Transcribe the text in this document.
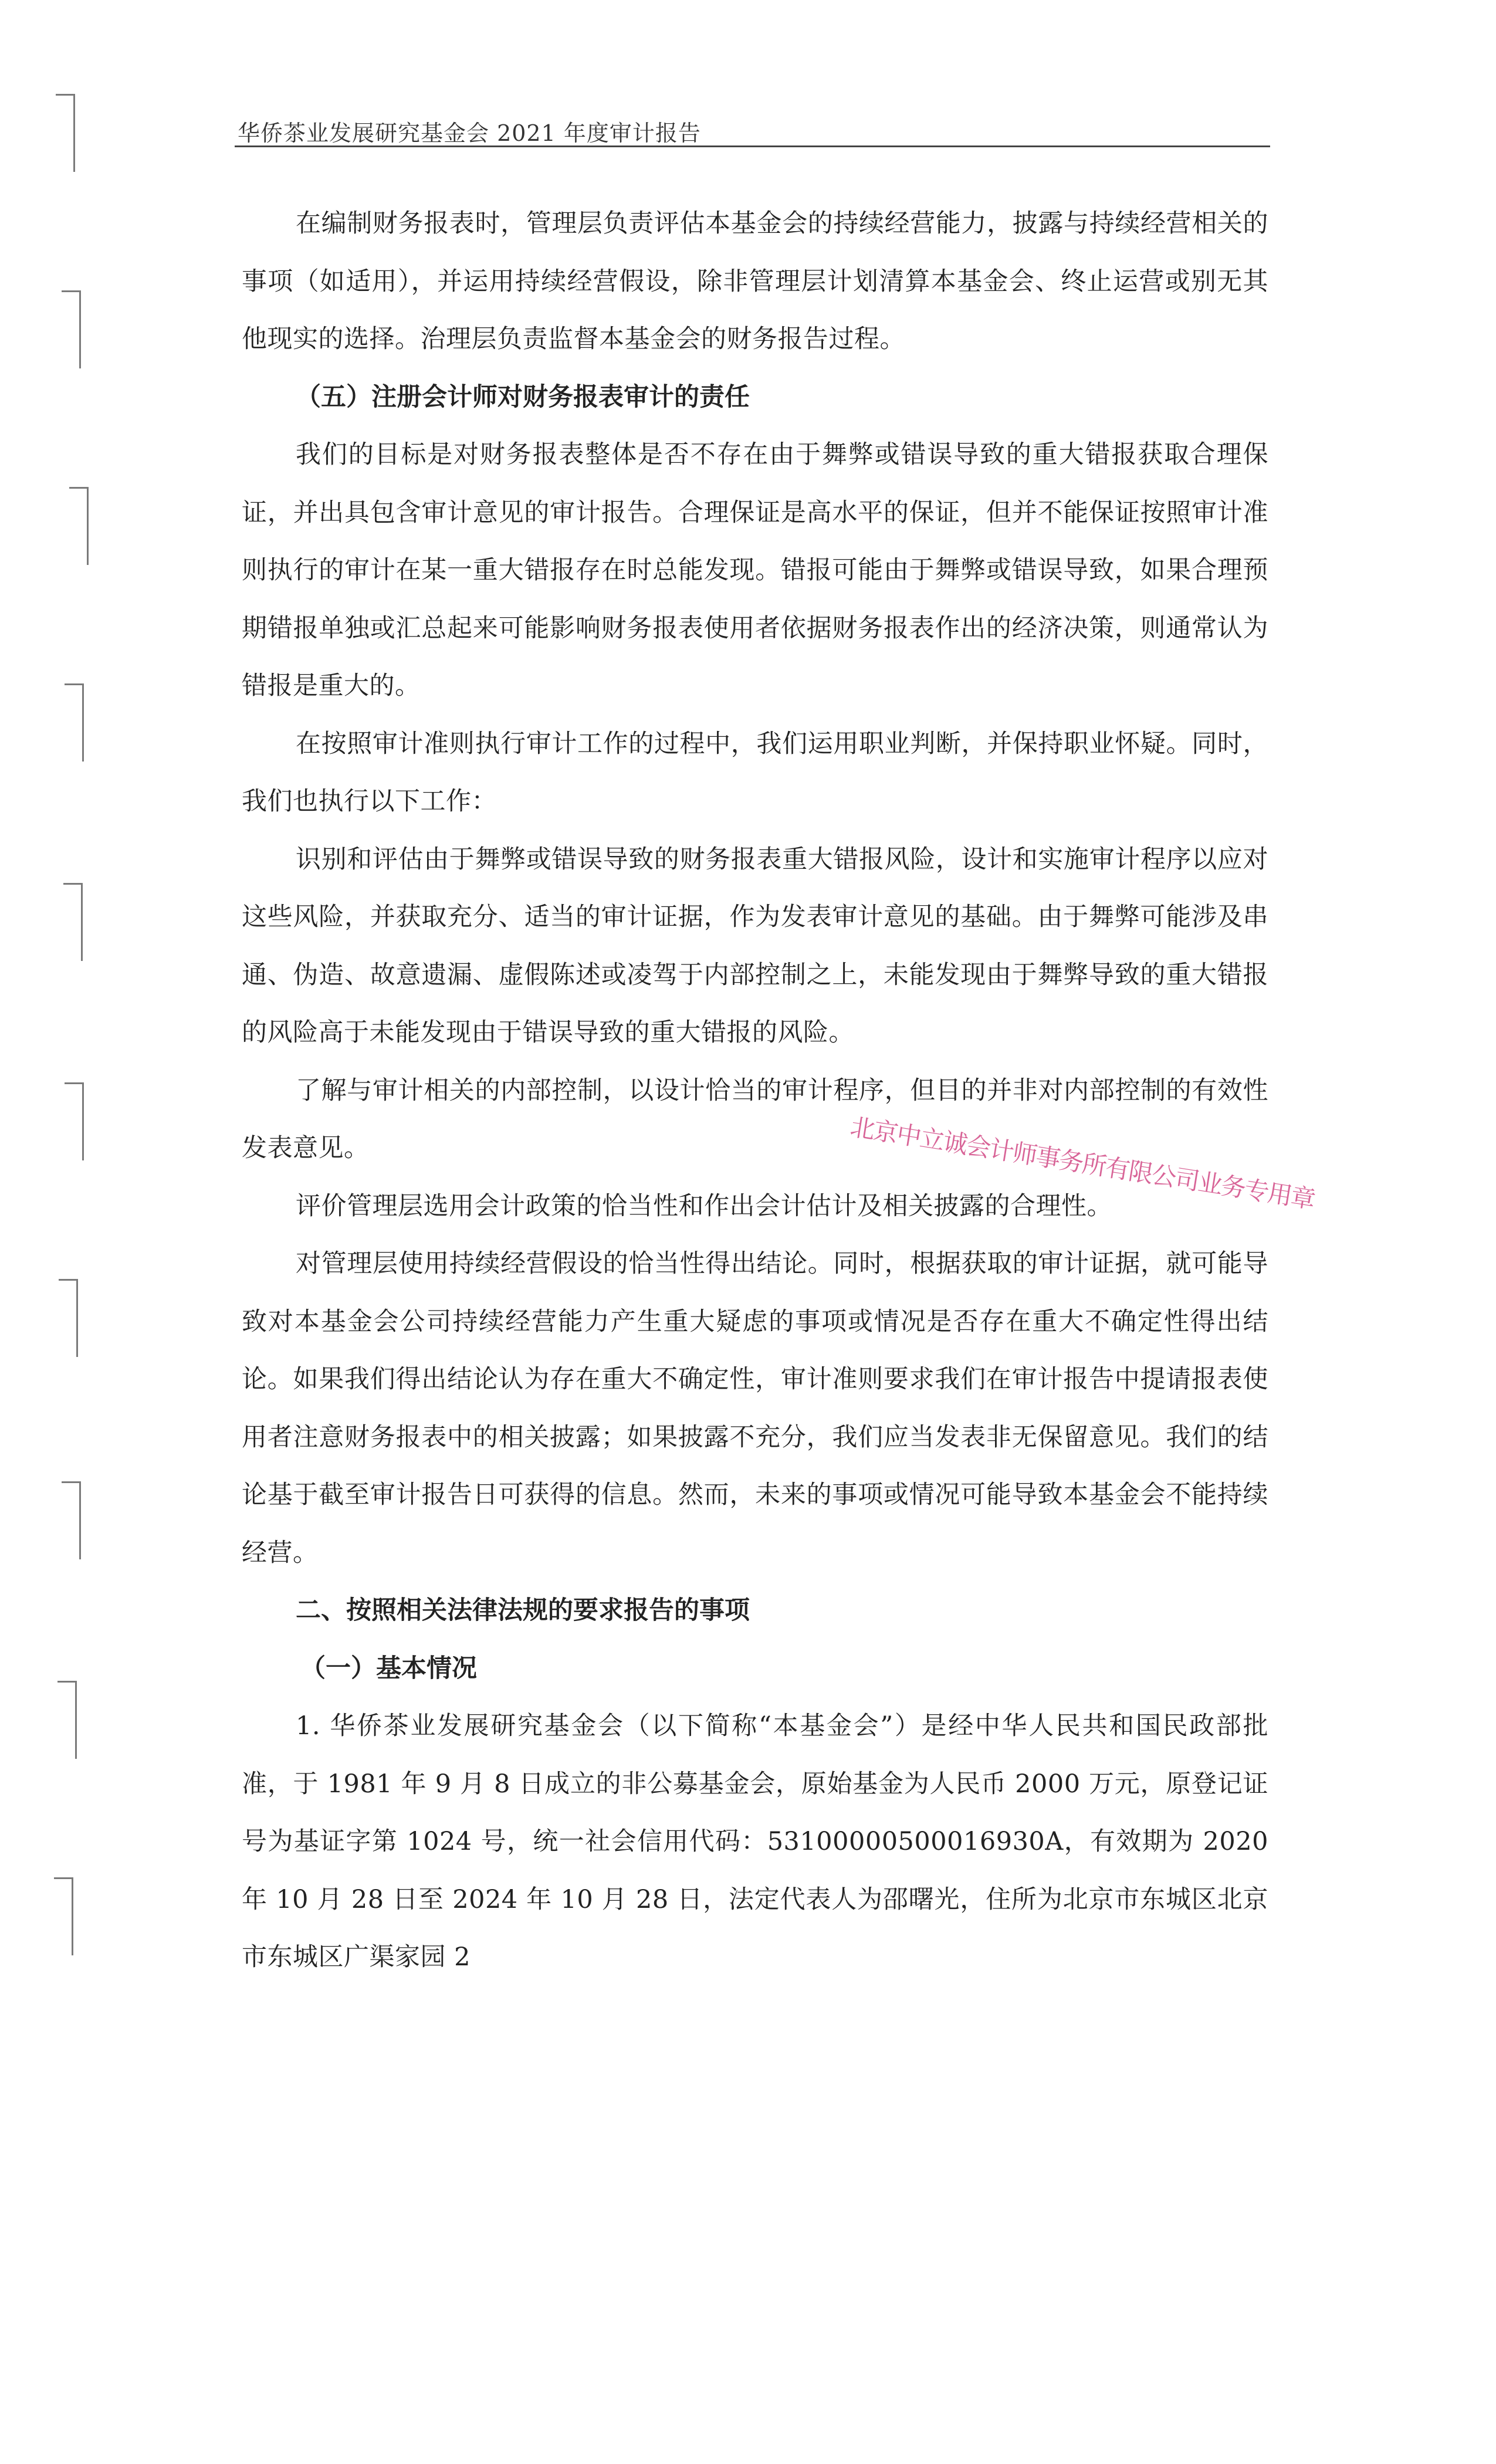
华侨茶业发展研究基金会 2021 年度审计报告

在编制财务报表时，管理层负责评估本基金会的持续经营能力，披露与持续经营相关的事项（如适用），并运用持续经营假设，除非管理层计划清算本基金会、终止运营或别无其他现实的选择。治理层负责监督本基金会的财务报告过程。

（五）注册会计师对财务报表审计的责任

我们的目标是对财务报表整体是否不存在由于舞弊或错误导致的重大错报获取合理保证，并出具包含审计意见的审计报告。合理保证是高水平的保证，但并不能保证按照审计准则执行的审计在某一重大错报存在时总能发现。错报可能由于舞弊或错误导致，如果合理预期错报单独或汇总起来可能影响财务报表使用者依据财务报表作出的经济决策，则通常认为错报是重大的。

在按照审计准则执行审计工作的过程中，我们运用职业判断，并保持职业怀疑。同时，我们也执行以下工作：

识别和评估由于舞弊或错误导致的财务报表重大错报风险，设计和实施审计程序以应对这些风险，并获取充分、适当的审计证据，作为发表审计意见的基础。由于舞弊可能涉及串通、伪造、故意遗漏、虚假陈述或凌驾于内部控制之上，未能发现由于舞弊导致的重大错报的风险高于未能发现由于错误导致的重大错报的风险。

了解与审计相关的内部控制，以设计恰当的审计程序，但目的并非对内部控制的有效性发表意见。

评价管理层选用会计政策的恰当性和作出会计估计及相关披露的合理性。

对管理层使用持续经营假设的恰当性得出结论。同时，根据获取的审计证据，就可能导致对本基金会公司持续经营能力产生重大疑虑的事项或情况是否存在重大不确定性得出结论。如果我们得出结论认为存在重大不确定性，审计准则要求我们在审计报告中提请报表使用者注意财务报表中的相关披露；如果披露不充分，我们应当发表非无保留意见。我们的结论基于截至审计报告日可获得的信息。然而，未来的事项或情况可能导致本基金会不能持续经营。

二、按照相关法律法规的要求报告的事项

（一）基本情况

1. 华侨茶业发展研究基金会（以下简称“本基金会”）是经中华人民共和国民政部批准，于 1981 年 9 月 8 日成立的非公募基金会，原始基金为人民币 2000 万元，原登记证号为基证字第 1024 号，统一社会信用代码：53100000500016930A，有效期为 2020 年 10 月 28 日至 2024 年 10 月 28 日，法定代表人为邵曙光，住所为北京市东城区北京市东城区广渠家园 2

北京中立诚会计师事务所有限公司业务专用章
